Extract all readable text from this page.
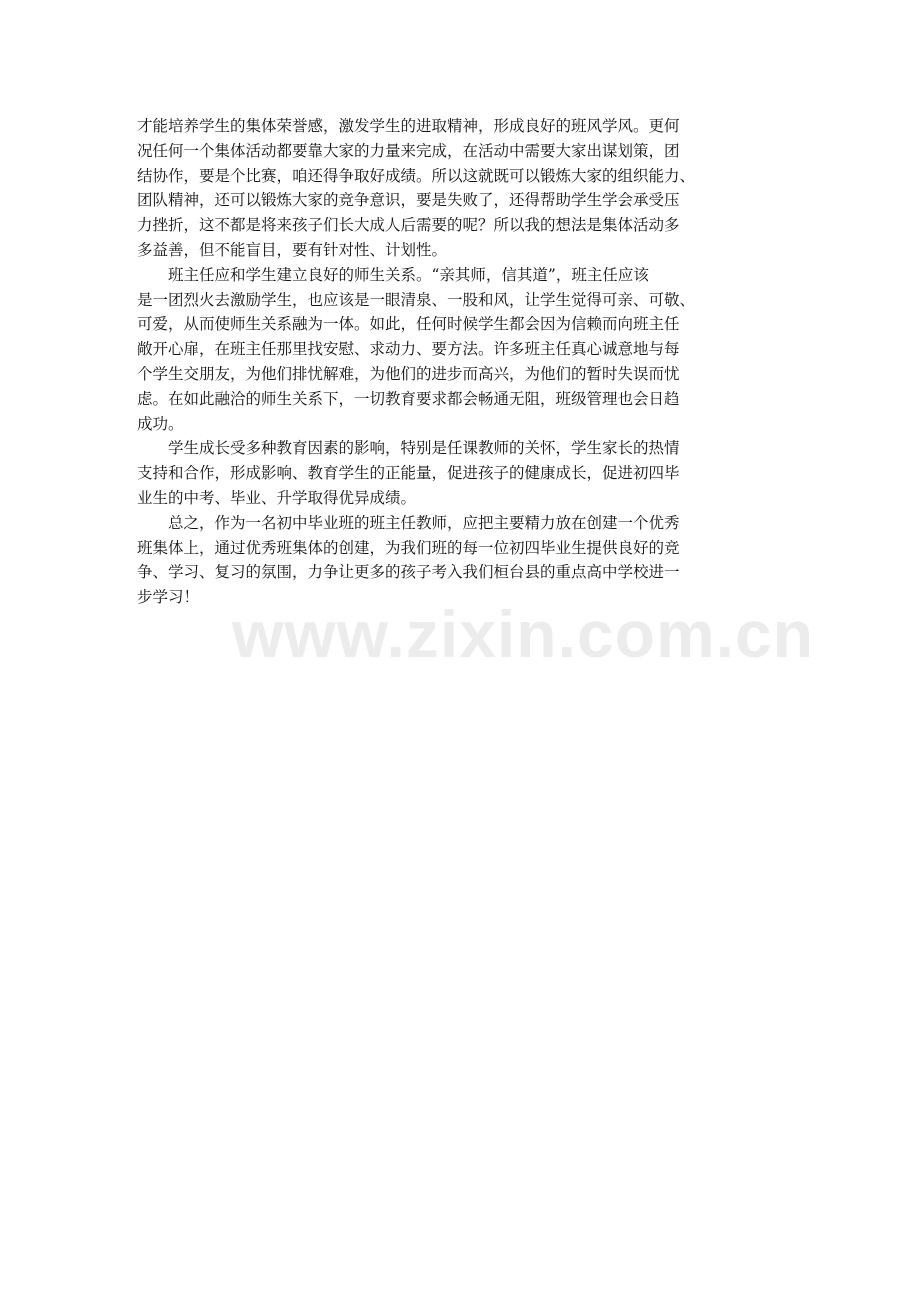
www.zixin.com.cn
才能培养学生的集体荣誉感，激发学生的进取精神，形成良好的班风学风。更何
况任何一个集体活动都要靠大家的力量来完成，在活动中需要大家出谋划策，团
结协作，要是个比赛，咱还得争取好成绩。所以这就既可以锻炼大家的组织能力、
团队精神，还可以锻炼大家的竞争意识，要是失败了，还得帮助学生学会承受压
力挫折，这不都是将来孩子们长大成人后需要的呢？所以我的想法是集体活动多
多益善，但不能盲目，要有针对性、计划性。
　　班主任应和学生建立良好的师生关系。“亲其师，信其道”，班主任应该
是一团烈火去激励学生，也应该是一眼清泉、一股和风，让学生觉得可亲、可敬、
可爱，从而使师生关系融为一体。如此，任何时候学生都会因为信赖而向班主任
敞开心扉，在班主任那里找安慰、求动力、要方法。许多班主任真心诚意地与每
个学生交朋友，为他们排忧解难，为他们的进步而高兴，为他们的暂时失误而忧
虑。在如此融洽的师生关系下，一切教育要求都会畅通无阻，班级管理也会日趋
成功。
　　学生成长受多种教育因素的影响，特别是任课教师的关怀，学生家长的热情
支持和合作，形成影响、教育学生的正能量，促进孩子的健康成长，促进初四毕
业生的中考、毕业、升学取得优异成绩。
　　总之，作为一名初中毕业班的班主任教师，应把主要精力放在创建一个优秀
班集体上，通过优秀班集体的创建，为我们班的每一位初四毕业生提供良好的竞
争、学习、复习的氛围，力争让更多的孩子考入我们桓台县的重点高中学校进一
步学习！
